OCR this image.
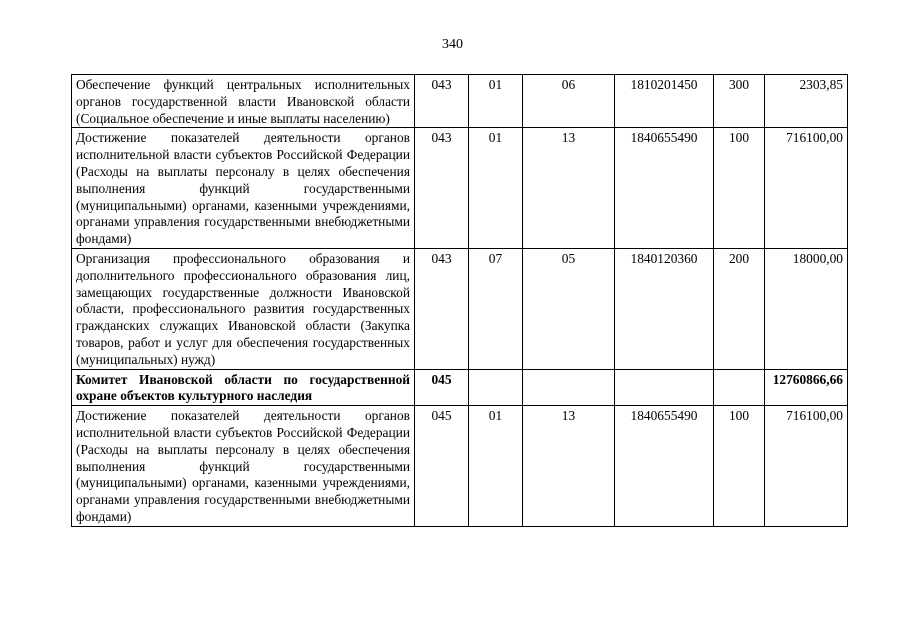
340
Обеспечение функций центральных исполнительных органов государственной власти Ивановской области (Социальное обеспечение и иные выплаты населению)	043	01	06	1810201450	300	2303,85
Достижение показателей деятельности органов исполнительной власти субъектов Российской Федерации (Расходы на выплаты персоналу в целях обеспечения выполнения функций государственными (муниципальными) органами, казенными учреждениями, органами управления государственными внебюджетными фондами)	043	01	13	1840655490	100	716100,00
Организация профессионального образования и дополнительного профессионального образования лиц, замещающих государственные должности Ивановской области, профессионального развития государственных гражданских служащих Ивановской области (Закупка товаров, работ и услуг для обеспечения государственных (муниципальных) нужд)	043	07	05	1840120360	200	18000,00
Комитет Ивановской области по государственной охране объектов культурного наследия	045					12760866,66
Достижение показателей деятельности органов исполнительной власти субъектов Российской Федерации (Расходы на выплаты персоналу в целях обеспечения выполнения функций государственными (муниципальными) органами, казенными учреждениями, органами управления государственными внебюджетными фондами)	045	01	13	1840655490	100	716100,00
